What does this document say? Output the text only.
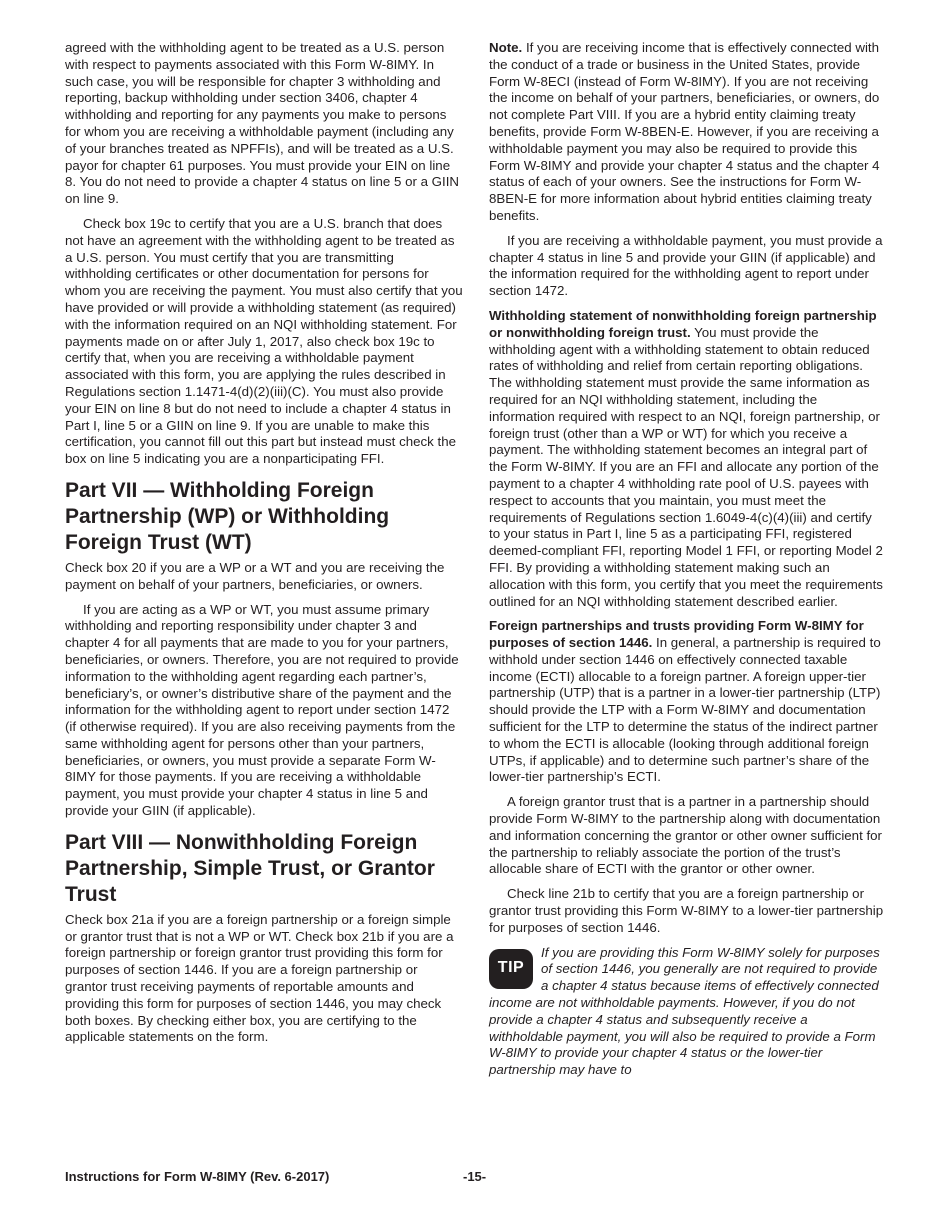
agreed with the withholding agent to be treated as a U.S. person with respect to payments associated with this Form W-8IMY. In such case, you will be responsible for chapter 3 withholding and reporting, backup withholding under section 3406, chapter 4 withholding and reporting for any payments you make to persons for whom you are receiving a withholdable payment (including any of your branches treated as NPFFIs), and will be treated as a U.S. payor for chapter 61 purposes. You must provide your EIN on line 8. You do not need to provide a chapter 4 status on line 5 or a GIIN on line 9.

Check box 19c to certify that you are a U.S. branch that does not have an agreement with the withholding agent to be treated as a U.S. person. You must certify that you are transmitting withholding certificates or other documentation for persons for whom you are receiving the payment. You must also certify that you have provided or will provide a withholding statement (as required) with the information required on an NQI withholding statement. For payments made on or after July 1, 2017, also check box 19c to certify that, when you are receiving a withholdable payment associated with this form, you are applying the rules described in Regulations section 1.1471-4(d)(2)(iii)(C). You must also provide your EIN on line 8 but do not need to include a chapter 4 status in Part I, line 5 or a GIIN on line 9. If you are unable to make this certification, you cannot fill out this part but instead must check the box on line 5 indicating you are a nonparticipating FFI.

Part VII — Withholding Foreign Partnership (WP) or Withholding Foreign Trust (WT)

Check box 20 if you are a WP or a WT and you are receiving the payment on behalf of your partners, beneficiaries, or owners.

If you are acting as a WP or WT, you must assume primary withholding and reporting responsibility under chapter 3 and chapter 4 for all payments that are made to you for your partners, beneficiaries, or owners. Therefore, you are not required to provide information to the withholding agent regarding each partner’s, beneficiary’s, or owner’s distributive share of the payment and the information for the withholding agent to report under section 1472 (if otherwise required). If you are also receiving payments from the same withholding agent for persons other than your partners, beneficiaries, or owners, you must provide a separate Form W-8IMY for those payments. If you are receiving a withholdable payment, you must provide your chapter 4 status in line 5 and provide your GIIN (if applicable).

Part VIII — Nonwithholding Foreign Partnership, Simple Trust, or Grantor Trust

Check box 21a if you are a foreign partnership or a foreign simple or grantor trust that is not a WP or WT. Check box 21b if you are a foreign partnership or foreign grantor trust providing this form for purposes of section 1446. If you are a foreign partnership or grantor trust receiving payments of reportable amounts and providing this form for purposes of section 1446, you may check both boxes. By checking either box, you are certifying to the applicable statements on the form.

Note. If you are receiving income that is effectively connected with the conduct of a trade or business in the United States, provide Form W-8ECI (instead of Form W-8IMY). If you are not receiving the income on behalf of your partners, beneficiaries, or owners, do not complete Part VIII. If you are a hybrid entity claiming treaty benefits, provide Form W-8BEN-E. However, if you are receiving a withholdable payment you may also be required to provide this Form W-8IMY and provide your chapter 4 status and the chapter 4 status of each of your owners. See the instructions for Form W-8BEN-E for more information about hybrid entities claiming treaty benefits.

If you are receiving a withholdable payment, you must provide a chapter 4 status in line 5 and provide your GIIN (if applicable) and the information required for the withholding agent to report under section 1472.

Withholding statement of nonwithholding foreign partnership or nonwithholding foreign trust. You must provide the withholding agent with a withholding statement to obtain reduced rates of withholding and relief from certain reporting obligations. The withholding statement must provide the same information as required for an NQI withholding statement, including the information required with respect to an NQI, foreign partnership, or foreign trust (other than a WP or WT) for which you receive a payment. The withholding statement becomes an integral part of the Form W-8IMY. If you are an FFI and allocate any portion of the payment to a chapter 4 withholding rate pool of U.S. payees with respect to accounts that you maintain, you must meet the requirements of Regulations section 1.6049-4(c)(4)(iii) and certify to your status in Part I, line 5 as a participating FFI, registered deemed-compliant FFI, reporting Model 1 FFI, or reporting Model 2 FFI. By providing a withholding statement making such an allocation with this form, you certify that you meet the requirements outlined for an NQI withholding statement described earlier.

Foreign partnerships and trusts providing Form W-8IMY for purposes of section 1446. In general, a partnership is required to withhold under section 1446 on effectively connected taxable income (ECTI) allocable to a foreign partner. A foreign upper-tier partnership (UTP) that is a partner in a lower-tier partnership (LTP) should provide the LTP with a Form W-8IMY and documentation sufficient for the LTP to determine the status of the indirect partner to whom the ECTI is allocable (looking through additional foreign UTPs, if applicable) and to determine such partner’s share of the lower-tier partnership’s ECTI.

A foreign grantor trust that is a partner in a partnership should provide Form W-8IMY to the partnership along with documentation and information concerning the grantor or other owner sufficient for the partnership to reliably associate the portion of the trust’s allocable share of ECTI with the grantor or other owner.

Check line 21b to certify that you are a foreign partnership or grantor trust providing this Form W-8IMY to a lower-tier partnership for purposes of section 1446.

TIP
If you are providing this Form W-8IMY solely for purposes of section 1446, you generally are not required to provide a chapter 4 status because items of effectively connected income are not withholdable payments. However, if you do not provide a chapter 4 status and subsequently receive a withholdable payment, you will also be required to provide a Form W-8IMY to provide your chapter 4 status or the lower-tier partnership may have to
Instructions for Form W-8IMY (Rev. 6-2017)	-15-
